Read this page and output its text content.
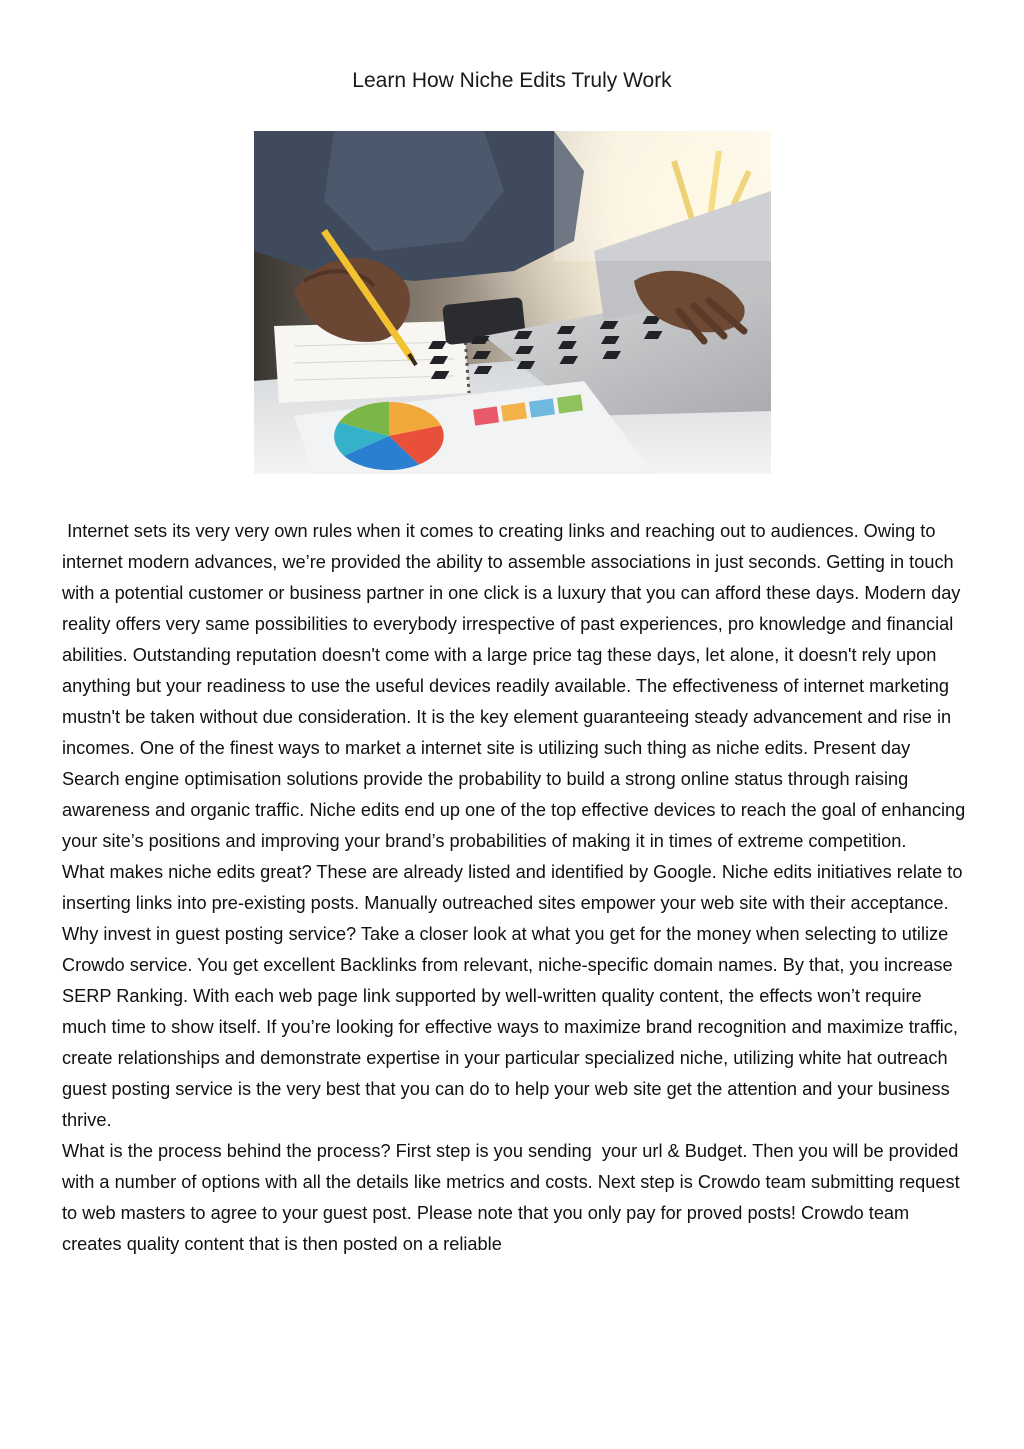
Learn How Niche Edits Truly Work

Internet sets its very very own rules when it comes to creating links and reaching out to audiences. Owing to internet modern advances, we’re provided the ability to assemble associations in just seconds. Getting in touch with a potential customer or business partner in one click is a luxury that you can afford these days. Modern day reality offers very same possibilities to everybody irrespective of past experiences, pro knowledge and financial abilities. Outstanding reputation doesn't come with a large price tag these days, let alone, it doesn't rely upon anything but your readiness to use the useful devices readily available. The effectiveness of internet marketing mustn't be taken without due consideration. It is the key element guaranteeing steady advancement and rise in incomes. One of the finest ways to market a internet site is utilizing such thing as niche edits. Present day Search engine optimisation solutions provide the probability to build a strong online status through raising awareness and organic traffic. Niche edits end up one of the top effective devices to reach the goal of enhancing your site’s positions and improving your brand’s probabilities of making it in times of extreme competition.

What makes niche edits great? These are already listed and identified by Google. Niche edits initiatives relate to inserting links into pre-existing posts. Manually outreached sites empower your web site with their acceptance. Why invest in guest posting service? Take a closer look at what you get for the money when selecting to utilize Crowdo service. You get excellent Backlinks from relevant, niche-specific domain names. By that, you increase SERP Ranking. With each web page link supported by well-written quality content, the effects won’t require much time to show itself. If you’re looking for effective ways to maximize brand recognition and maximize traffic, create relationships and demonstrate expertise in your particular specialized niche, utilizing white hat outreach guest posting service is the very best that you can do to help your web site get the attention and your business thrive.

What is the process behind the process? First step is you sending  your url & Budget. Then you will be provided with a number of options with all the details like metrics and costs. Next step is Crowdo team submitting request to web masters to agree to your guest post. Please note that you only pay for proved posts! Crowdo team creates quality content that is then posted on a reliable
